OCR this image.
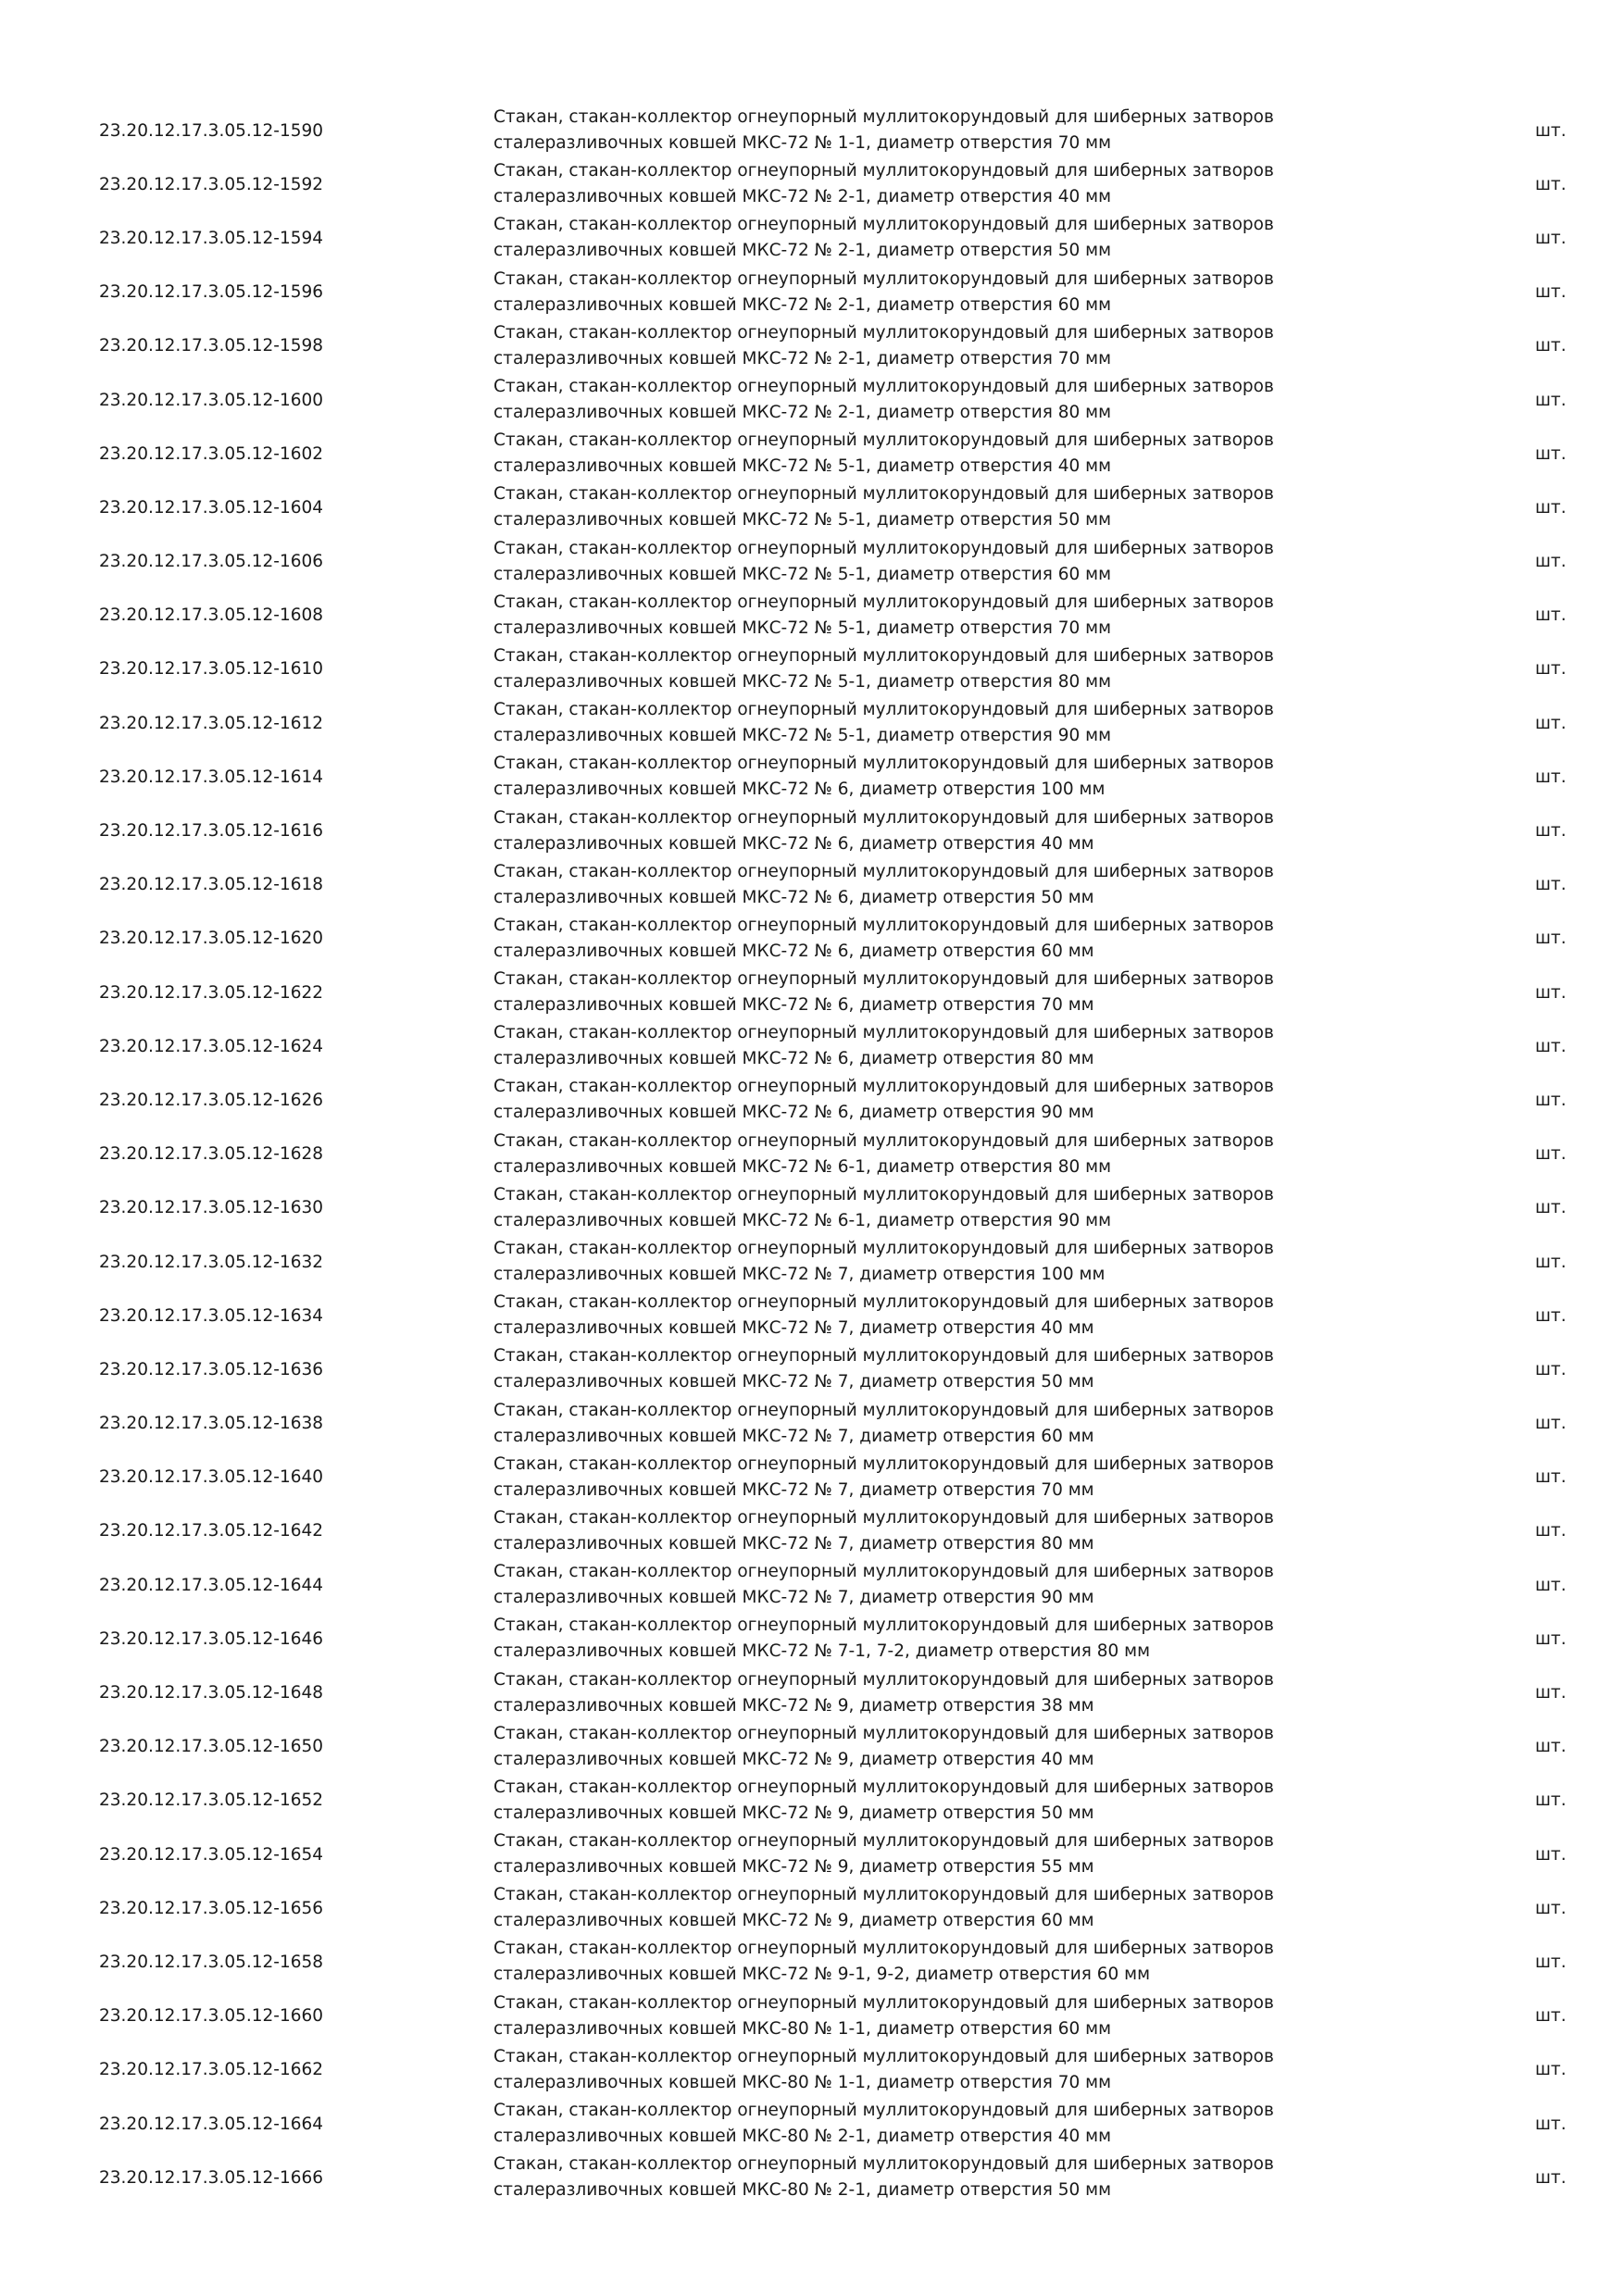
23.20.12.17.3.05.12-1590
Стакан, стакан-коллектор огнеупорный муллитокорундовый для шиберных затворов
сталеразливочных ковшей МКС-72 № 1-1, диаметр отверстия 70 мм
шт.
23.20.12.17.3.05.12-1592
Стакан, стакан-коллектор огнеупорный муллитокорундовый для шиберных затворов
сталеразливочных ковшей МКС-72 № 2-1, диаметр отверстия 40 мм
шт.
23.20.12.17.3.05.12-1594
Стакан, стакан-коллектор огнеупорный муллитокорундовый для шиберных затворов
сталеразливочных ковшей МКС-72 № 2-1, диаметр отверстия 50 мм
шт.
23.20.12.17.3.05.12-1596
Стакан, стакан-коллектор огнеупорный муллитокорундовый для шиберных затворов
сталеразливочных ковшей МКС-72 № 2-1, диаметр отверстия 60 мм
шт.
23.20.12.17.3.05.12-1598
Стакан, стакан-коллектор огнеупорный муллитокорундовый для шиберных затворов
сталеразливочных ковшей МКС-72 № 2-1, диаметр отверстия 70 мм
шт.
23.20.12.17.3.05.12-1600
Стакан, стакан-коллектор огнеупорный муллитокорундовый для шиберных затворов
сталеразливочных ковшей МКС-72 № 2-1, диаметр отверстия 80 мм
шт.
23.20.12.17.3.05.12-1602
Стакан, стакан-коллектор огнеупорный муллитокорундовый для шиберных затворов
сталеразливочных ковшей МКС-72 № 5-1, диаметр отверстия 40 мм
шт.
23.20.12.17.3.05.12-1604
Стакан, стакан-коллектор огнеупорный муллитокорундовый для шиберных затворов
сталеразливочных ковшей МКС-72 № 5-1, диаметр отверстия 50 мм
шт.
23.20.12.17.3.05.12-1606
Стакан, стакан-коллектор огнеупорный муллитокорундовый для шиберных затворов
сталеразливочных ковшей МКС-72 № 5-1, диаметр отверстия 60 мм
шт.
23.20.12.17.3.05.12-1608
Стакан, стакан-коллектор огнеупорный муллитокорундовый для шиберных затворов
сталеразливочных ковшей МКС-72 № 5-1, диаметр отверстия 70 мм
шт.
23.20.12.17.3.05.12-1610
Стакан, стакан-коллектор огнеупорный муллитокорундовый для шиберных затворов
сталеразливочных ковшей МКС-72 № 5-1, диаметр отверстия 80 мм
шт.
23.20.12.17.3.05.12-1612
Стакан, стакан-коллектор огнеупорный муллитокорундовый для шиберных затворов
сталеразливочных ковшей МКС-72 № 5-1, диаметр отверстия 90 мм
шт.
23.20.12.17.3.05.12-1614
Стакан, стакан-коллектор огнеупорный муллитокорундовый для шиберных затворов
сталеразливочных ковшей МКС-72 № 6, диаметр отверстия 100 мм
шт.
23.20.12.17.3.05.12-1616
Стакан, стакан-коллектор огнеупорный муллитокорундовый для шиберных затворов
сталеразливочных ковшей МКС-72 № 6, диаметр отверстия 40 мм
шт.
23.20.12.17.3.05.12-1618
Стакан, стакан-коллектор огнеупорный муллитокорундовый для шиберных затворов
сталеразливочных ковшей МКС-72 № 6, диаметр отверстия 50 мм
шт.
23.20.12.17.3.05.12-1620
Стакан, стакан-коллектор огнеупорный муллитокорундовый для шиберных затворов
сталеразливочных ковшей МКС-72 № 6, диаметр отверстия 60 мм
шт.
23.20.12.17.3.05.12-1622
Стакан, стакан-коллектор огнеупорный муллитокорундовый для шиберных затворов
сталеразливочных ковшей МКС-72 № 6, диаметр отверстия 70 мм
шт.
23.20.12.17.3.05.12-1624
Стакан, стакан-коллектор огнеупорный муллитокорундовый для шиберных затворов
сталеразливочных ковшей МКС-72 № 6, диаметр отверстия 80 мм
шт.
23.20.12.17.3.05.12-1626
Стакан, стакан-коллектор огнеупорный муллитокорундовый для шиберных затворов
сталеразливочных ковшей МКС-72 № 6, диаметр отверстия 90 мм
шт.
23.20.12.17.3.05.12-1628
Стакан, стакан-коллектор огнеупорный муллитокорундовый для шиберных затворов
сталеразливочных ковшей МКС-72 № 6-1, диаметр отверстия 80 мм
шт.
23.20.12.17.3.05.12-1630
Стакан, стакан-коллектор огнеупорный муллитокорундовый для шиберных затворов
сталеразливочных ковшей МКС-72 № 6-1, диаметр отверстия 90 мм
шт.
23.20.12.17.3.05.12-1632
Стакан, стакан-коллектор огнеупорный муллитокорундовый для шиберных затворов
сталеразливочных ковшей МКС-72 № 7, диаметр отверстия 100 мм
шт.
23.20.12.17.3.05.12-1634
Стакан, стакан-коллектор огнеупорный муллитокорундовый для шиберных затворов
сталеразливочных ковшей МКС-72 № 7, диаметр отверстия 40 мм
шт.
23.20.12.17.3.05.12-1636
Стакан, стакан-коллектор огнеупорный муллитокорундовый для шиберных затворов
сталеразливочных ковшей МКС-72 № 7, диаметр отверстия 50 мм
шт.
23.20.12.17.3.05.12-1638
Стакан, стакан-коллектор огнеупорный муллитокорундовый для шиберных затворов
сталеразливочных ковшей МКС-72 № 7, диаметр отверстия 60 мм
шт.
23.20.12.17.3.05.12-1640
Стакан, стакан-коллектор огнеупорный муллитокорундовый для шиберных затворов
сталеразливочных ковшей МКС-72 № 7, диаметр отверстия 70 мм
шт.
23.20.12.17.3.05.12-1642
Стакан, стакан-коллектор огнеупорный муллитокорундовый для шиберных затворов
сталеразливочных ковшей МКС-72 № 7, диаметр отверстия 80 мм
шт.
23.20.12.17.3.05.12-1644
Стакан, стакан-коллектор огнеупорный муллитокорундовый для шиберных затворов
сталеразливочных ковшей МКС-72 № 7, диаметр отверстия 90 мм
шт.
23.20.12.17.3.05.12-1646
Стакан, стакан-коллектор огнеупорный муллитокорундовый для шиберных затворов
сталеразливочных ковшей МКС-72 № 7-1, 7-2, диаметр отверстия 80 мм
шт.
23.20.12.17.3.05.12-1648
Стакан, стакан-коллектор огнеупорный муллитокорундовый для шиберных затворов
сталеразливочных ковшей МКС-72 № 9, диаметр отверстия 38 мм
шт.
23.20.12.17.3.05.12-1650
Стакан, стакан-коллектор огнеупорный муллитокорундовый для шиберных затворов
сталеразливочных ковшей МКС-72 № 9, диаметр отверстия 40 мм
шт.
23.20.12.17.3.05.12-1652
Стакан, стакан-коллектор огнеупорный муллитокорундовый для шиберных затворов
сталеразливочных ковшей МКС-72 № 9, диаметр отверстия 50 мм
шт.
23.20.12.17.3.05.12-1654
Стакан, стакан-коллектор огнеупорный муллитокорундовый для шиберных затворов
сталеразливочных ковшей МКС-72 № 9, диаметр отверстия 55 мм
шт.
23.20.12.17.3.05.12-1656
Стакан, стакан-коллектор огнеупорный муллитокорундовый для шиберных затворов
сталеразливочных ковшей МКС-72 № 9, диаметр отверстия 60 мм
шт.
23.20.12.17.3.05.12-1658
Стакан, стакан-коллектор огнеупорный муллитокорундовый для шиберных затворов
сталеразливочных ковшей МКС-72 № 9-1, 9-2, диаметр отверстия 60 мм
шт.
23.20.12.17.3.05.12-1660
Стакан, стакан-коллектор огнеупорный муллитокорундовый для шиберных затворов
сталеразливочных ковшей МКС-80 № 1-1, диаметр отверстия 60 мм
шт.
23.20.12.17.3.05.12-1662
Стакан, стакан-коллектор огнеупорный муллитокорундовый для шиберных затворов
сталеразливочных ковшей МКС-80 № 1-1, диаметр отверстия 70 мм
шт.
23.20.12.17.3.05.12-1664
Стакан, стакан-коллектор огнеупорный муллитокорундовый для шиберных затворов
сталеразливочных ковшей МКС-80 № 2-1, диаметр отверстия 40 мм
шт.
23.20.12.17.3.05.12-1666
Стакан, стакан-коллектор огнеупорный муллитокорундовый для шиберных затворов
сталеразливочных ковшей МКС-80 № 2-1, диаметр отверстия 50 мм
шт.
